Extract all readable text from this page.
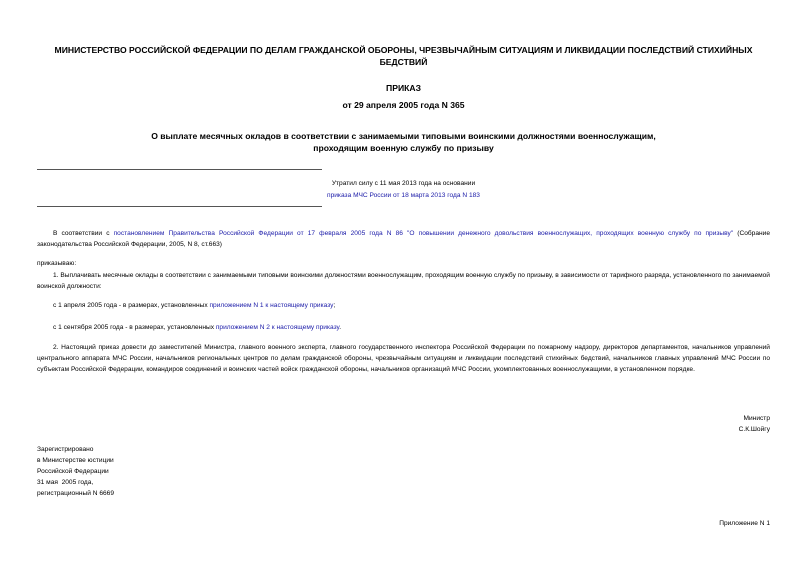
МИНИСТЕРСТВО РОССИЙСКОЙ ФЕДЕРАЦИИ ПО ДЕЛАМ ГРАЖДАНСКОЙ ОБОРОНЫ, ЧРЕЗВЫЧАЙНЫМ СИТУАЦИЯМ И ЛИКВИДАЦИИ ПОСЛЕДСТВИЙ СТИХИЙНЫХ БЕДСТВИЙ
ПРИКАЗ
от 29 апреля 2005 года N 365
О выплате месячных окладов в соответствии с занимаемыми типовыми воинскими должностями военнослужащим, проходящим военную службу по призыву
Утратил силу с 11 мая 2013 года на основании
приказа МЧС России от 18 марта 2013 года N 183
В соответствии с постановлением Правительства Российской Федерации от 17 февраля 2005 года N 86 "О повышении денежного довольствия военнослужащих, проходящих военную службу по призыву" (Собрание законодательства Российской Федерации, 2005, N 8, ст.663)
приказываю:
1. Выплачивать месячные оклады в соответствии с занимаемыми типовыми воинскими должностями военнослужащим, проходящим военную службу по призыву, в зависимости от тарифного разряда, установленного по занимаемой воинской должности:
с 1 апреля 2005 года - в размерах, установленных приложением N 1 к настоящему приказу;
с 1 сентября 2005 года - в размерах, установленных приложением N 2 к настоящему приказу.
2. Настоящий приказ довести до заместителей Министра, главного военного эксперта, главного государственного инспектора Российской Федерации по пожарному надзору, директоров департаментов, начальников управлений центрального аппарата МЧС России, начальников региональных центров по делам гражданской обороны, чрезвычайным ситуациям и ликвидации последствий стихийных бедствий, начальников главных управлений МЧС России по субъектам Российской Федерации, командиров соединений и воинских частей войск гражданской обороны, начальников организаций МЧС России, укомплектованных военнослужащими, в установленном порядке.
Министр
С.К.Шойгу
Зарегистрировано
в Министерстве юстиции
Российской Федерации
31 мая  2005 года,
регистрационный N 6669
Приложение N 1
